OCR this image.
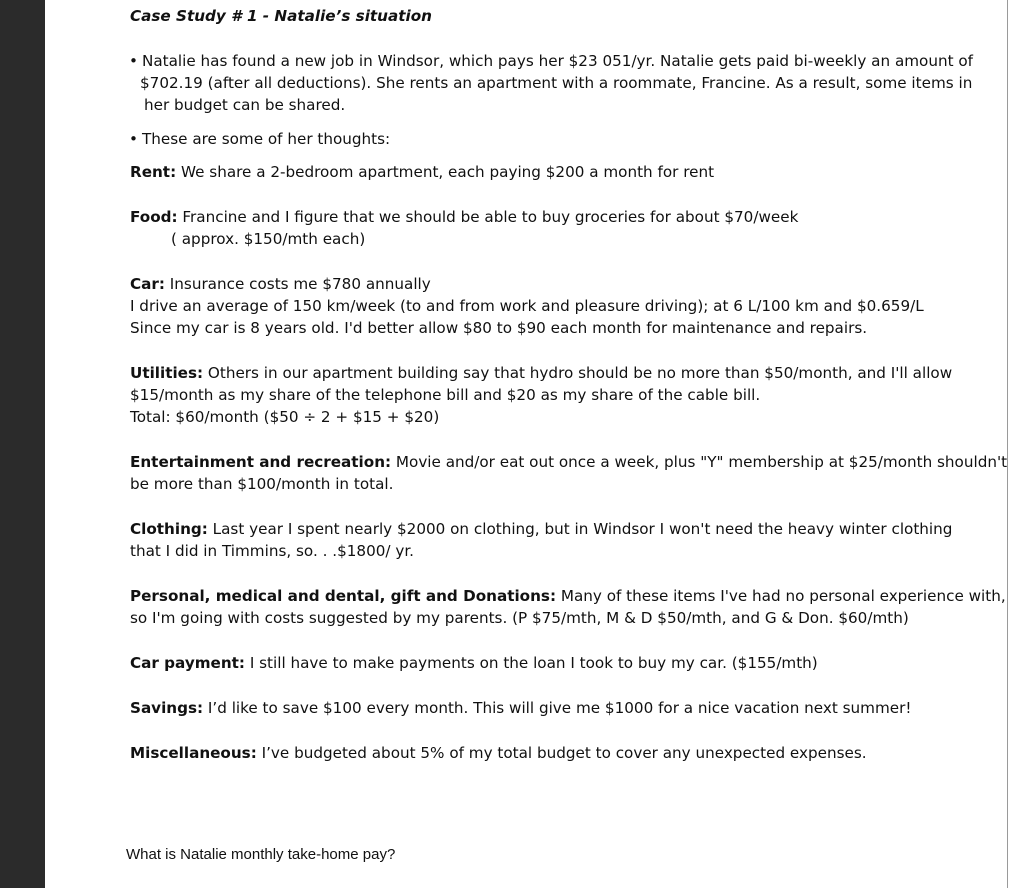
Case Study # 1 - Natalie’s situation
• Natalie has found a new job in Windsor, which pays her $23 051/yr. Natalie gets paid bi-weekly an amount of
$702.19 (after all deductions). She rents an apartment with a roommate, Francine. As a result, some items in
her budget can be shared.
• These are some of her thoughts:
Rent: We share a 2-bedroom apartment, each paying $200 a month for rent
Food: Francine and I figure that we should be able to buy groceries for about $70/week
( approx. $150/mth each)
Car: Insurance costs me $780 annually
I drive an average of 150 km/week (to and from work and pleasure driving); at 6 L/100 km and $0.659/L
Since my car is 8 years old. I'd better allow $80 to $90 each month for maintenance and repairs.
Utilities: Others in our apartment building say that hydro should be no more than $50/month, and I'll allow
$15/month as my share of the telephone bill and $20 as my share of the cable bill.
Total: $60/month ($50 ÷ 2 + $15 + $20)
Entertainment and recreation: Movie and/or eat out once a week, plus "Y" membership at $25/month shouldn't
be more than $100/month in total.
Clothing: Last year I spent nearly $2000 on clothing, but in Windsor I won't need the heavy winter clothing
that I did in Timmins, so. . .$1800/ yr.
Personal, medical and dental, gift and Donations: Many of these items I've had no personal experience with,
so I'm going with costs suggested by my parents. (P $75/mth, M & D $50/mth, and G & Don. $60/mth)
Car payment: I still have to make payments on the loan I took to buy my car. ($155/mth)
Savings: I’d like to save $100 every month. This will give me $1000 for a nice vacation next summer!
Miscellaneous: I’ve budgeted about 5% of my total budget to cover any unexpected expenses.
What is Natalie monthly take-home pay?
